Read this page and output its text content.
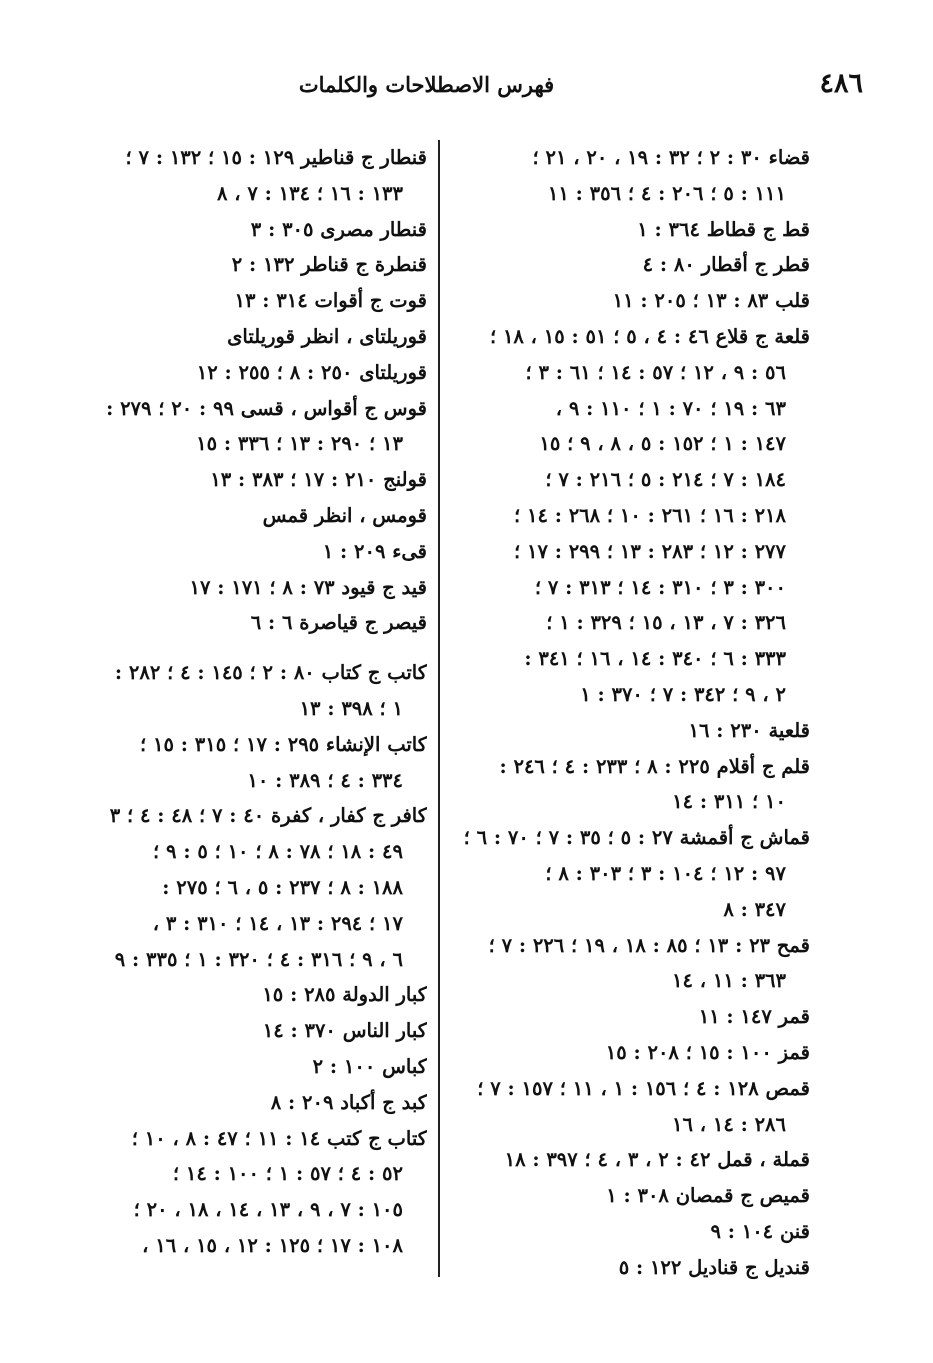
٤٨٦
فهرس الاصطلاحات والكلمات
قضاء ٣٠ : ٢ ؛ ٣٢ : ١٩ ، ٢٠ ، ٢١ ؛
١١١ : ٥ ؛ ٢٠٦ : ٤ ؛ ٣٥٦ : ١١
قط ج قطاط ٣٦٤ : ١
قطر ج أقطار ٨٠ : ٤
قلب ٨٣ : ١٣ ؛ ٢٠٥ : ١١
قلعة ج قلاع ٤٦ : ٤ ، ٥ ؛ ٥١ : ١٥ ، ١٨ ؛
٥٦ : ٩ ، ١٢ ؛ ٥٧ : ١٤ ؛ ٦١ : ٣ ؛
٦٣ : ١٩ ؛ ٧٠ : ١ ؛ ١١٠ : ٩ ،
١٤٧ : ١ ؛ ١٥٢ : ٥ ، ٨ ، ٩ ؛ ١٥
١٨٤ : ٧ ؛ ٢١٤ : ٥ ؛ ٢١٦ : ٧ ؛
٢١٨ : ١٦ ؛ ٢٦١ : ١٠ ؛ ٢٦٨ : ١٤ ؛
٢٧٧ : ١٢ ؛ ٢٨٣ : ١٣ ؛ ٢٩٩ : ١٧ ؛
٣٠٠ : ٣ ؛ ٣١٠ : ١٤ ؛ ٣١٣ : ٧ ؛
٣٢٦ : ٧ ، ١٣ ، ١٥ ؛ ٣٢٩ : ١ ؛
٣٣٣ : ٦ ؛ ٣٤٠ : ١٤ ، ١٦ ؛ ٣٤١ :
٢ ، ٩ ؛ ٣٤٢ : ٧ ؛ ٣٧٠ : ١
قلعية ٢٣٠ : ١٦
قلم ج أقلام ٢٢٥ : ٨ ؛ ٢٣٣ : ٤ ؛ ٢٤٦ :
١٠ ؛ ٣١١ : ١٤
قماش ج أقمشة ٢٧ : ٥ ؛ ٣٥ : ٧ ؛ ٧٠ : ٦ ؛
٩٧ : ١٢ ؛ ١٠٤ : ٣ ؛ ٣٠٣ : ٨ ؛
٣٤٧ : ٨
قمح ٢٣ : ١٣ ؛ ٨٥ : ١٨ ، ١٩ ؛ ٢٢٦ : ٧ ؛
٣٦٣ : ١١ ، ١٤
قمر ١٤٧ : ١١
قمز ١٠٠ : ١٥ ؛ ٢٠٨ : ١٥
قمص ١٢٨ : ٤ ؛ ١٥٦ : ١ ، ١١ ؛ ١٥٧ : ٧ ؛
٢٨٦ : ١٤ ، ١٦
قملة ، قمل ٤٢ : ٢ ، ٣ ، ٤ ؛ ٣٩٧ : ١٨
قميص ج قمصان ٣٠٨ : ١
قنن ١٠٤ : ٩
قنديل ج قناديل ١٢٢ : ٥
قنطار ج قناطير ١٢٩ : ١٥ ؛ ١٣٢ : ٧ ؛
١٣٣ : ١٦ ؛ ١٣٤ : ٧ ، ٨
قنطار مصرى ٣٠٥ : ٣
قنطرة ج قناطر ١٣٢ : ٢
قوت ج أقوات ٣١٤ : ١٣
قوريلتاى ، انظر قوريلتاى
قوريلتاى ٢٥٠ : ٨ ؛ ٢٥٥ : ١٢
قوس ج أقواس ، قسى ٩٩ : ٢٠ ؛ ٢٧٩ :
١٣ ؛ ٢٩٠ : ١٣ ؛ ٣٣٦ : ١٥
قولنج ٢١٠ : ١٧ ؛ ٣٨٣ : ١٣
قومس ، انظر قمس
قىء ٢٠٩ : ١
قيد ج قيود ٧٣ : ٨ ؛ ١٧١ : ١٧
قيصر ج قياصرة ٦ : ٦
كاتب ج كتاب ٨٠ : ٢ ؛ ١٤٥ : ٤ ؛ ٢٨٢ :
١ ؛ ٣٩٨ : ١٣
كاتب الإنشاء ٢٩٥ : ١٧ ؛ ٣١٥ : ١٥ ؛
٣٣٤ : ٤ ؛ ٣٨٩ : ١٠
كافر ج كفار ، كفرة ٤٠ : ٧ ؛ ٤٨ : ٤ ؛ ٣
٤٩ : ١٨ ؛ ٧٨ : ٨ ؛ ١٠ ؛ ٥ : ٩ ؛
١٨٨ : ٨ ؛ ٢٣٧ : ٥ ، ٦ ؛ ٢٧٥ :
١٧ ؛ ٢٩٤ : ١٣ ، ١٤ ؛ ٣١٠ : ٣ ،
٦ ، ٩ ؛ ٣١٦ : ٤ ؛ ٣٢٠ : ١ ؛ ٣٣٥ : ٩
كبار الدولة ٢٨٥ : ١٥
كبار الناس ٣٧٠ : ١٤
كباس ١٠٠ : ٢
كبد ج أكباد ٢٠٩ : ٨
كتاب ج كتب ١٤ : ١١ ؛ ٤٧ : ٨ ، ١٠ ؛
٥٢ : ٤ ؛ ٥٧ : ١ ؛ ١٠٠ : ١٤ ؛
١٠٥ : ٧ ، ٩ ، ١٣ ، ١٤ ، ١٨ ، ٢٠ ؛
١٠٨ : ١٧ ؛ ١٢٥ : ١٢ ، ١٥ ، ١٦ ،
